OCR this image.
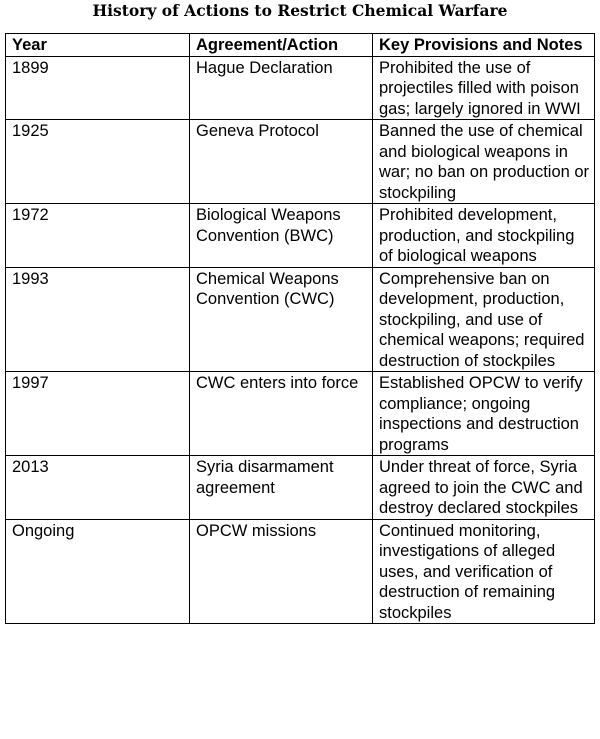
History of Actions to Restrict Chemical Warfare
Year	Agreement/Action	Key Provisions and Notes
1899	Hague Declaration	Prohibited the use of projectiles filled with poison gas; largely ignored in WWI
1925	Geneva Protocol	Banned the use of chemical and biological weapons in war; no ban on production or stockpiling
1972	Biological Weapons Convention (BWC)	Prohibited development, production, and stockpiling of biological weapons
1993	Chemical Weapons Convention (CWC)	Comprehensive ban on development, production, stockpiling, and use of chemical weapons; required destruction of stockpiles
1997	CWC enters into force	Established OPCW to verify compliance; ongoing inspections and destruction programs
2013	Syria disarmament agreement	Under threat of force, Syria agreed to join the CWC and destroy declared stockpiles
Ongoing	OPCW missions	Continued monitoring, investigations of alleged uses, and verification of destruction of remaining stockpiles
